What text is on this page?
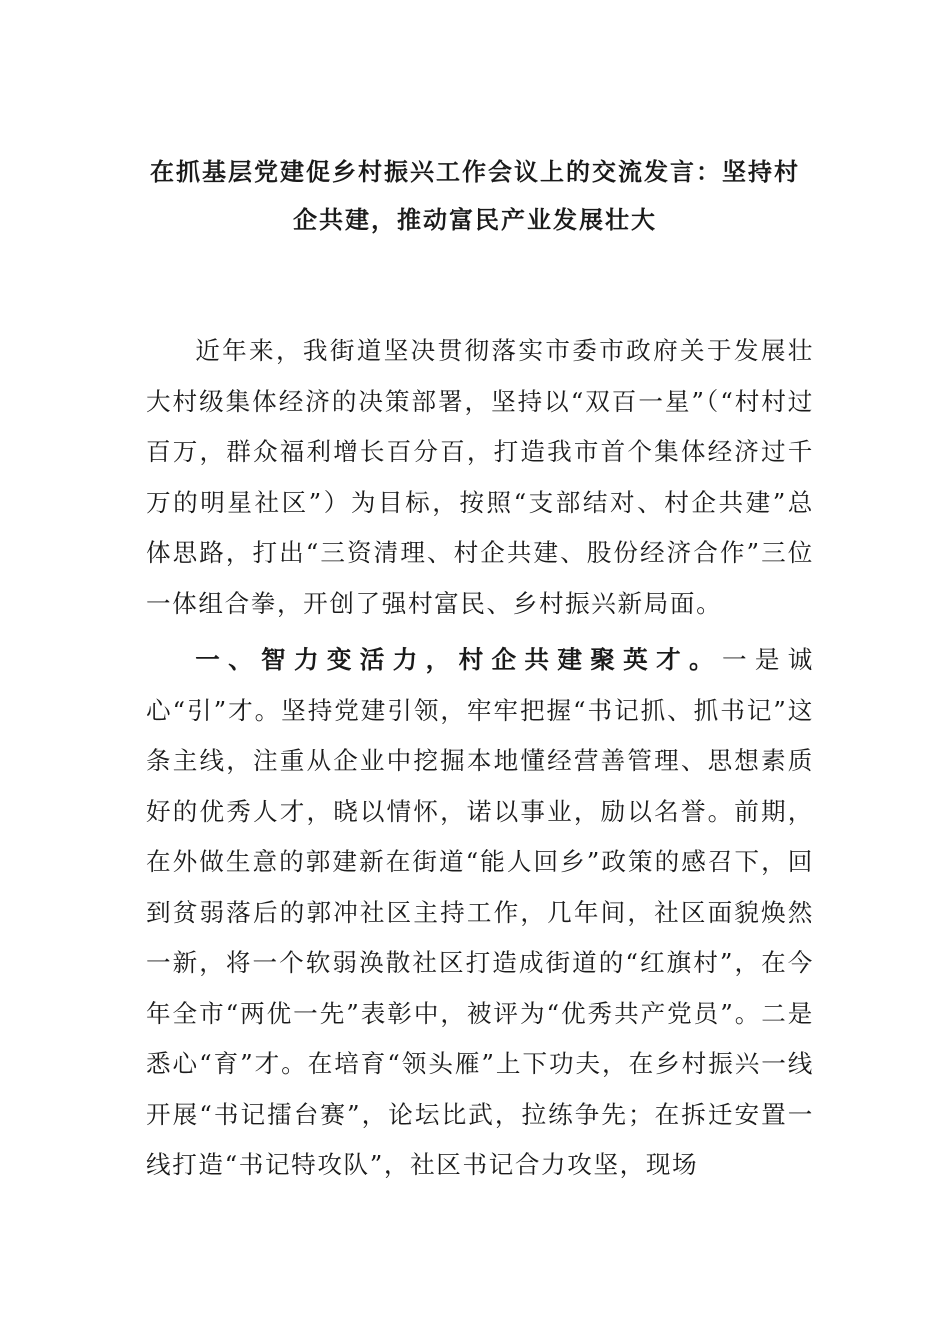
在抓基层党建促乡村振兴工作会议上的交流发言：坚持村
企共建，推动富民产业发展壮大

近年来，我街道坚决贯彻落实市委市政府关于发展壮大村级集体经济的决策部署，坚持以“双百一星”（“村村过百万，群众福利增长百分百，打造我市首个集体经济过千万的明星社区”）为目标，按照“支部结对、村企共建”总体思路，打出“三资清理、村企共建、股份经济合作”三位一体组合拳，开创了强村富民、乡村振兴新局面。

一、智力变活力，村企共建聚英才。一是诚心“引”才。坚持党建引领，牢牢把握“书记抓、抓书记”这条主线，注重从企业中挖掘本地懂经营善管理、思想素质好的优秀人才，晓以情怀，诺以事业，励以名誉。前期，在外做生意的郭建新在街道“能人回乡”政策的感召下，回到贫弱落后的郭冲社区主持工作，几年间，社区面貌焕然一新，将一个软弱涣散社区打造成街道的“红旗村”，在今年全市“两优一先”表彰中，被评为“优秀共产党员”。二是悉心“育”才。在培育“领头雁”上下功夫，在乡村振兴一线开展“书记擂台赛”，论坛比武，拉练争先；在拆迁安置一线打造“书记特攻队”，社区书记合力攻坚，现场
